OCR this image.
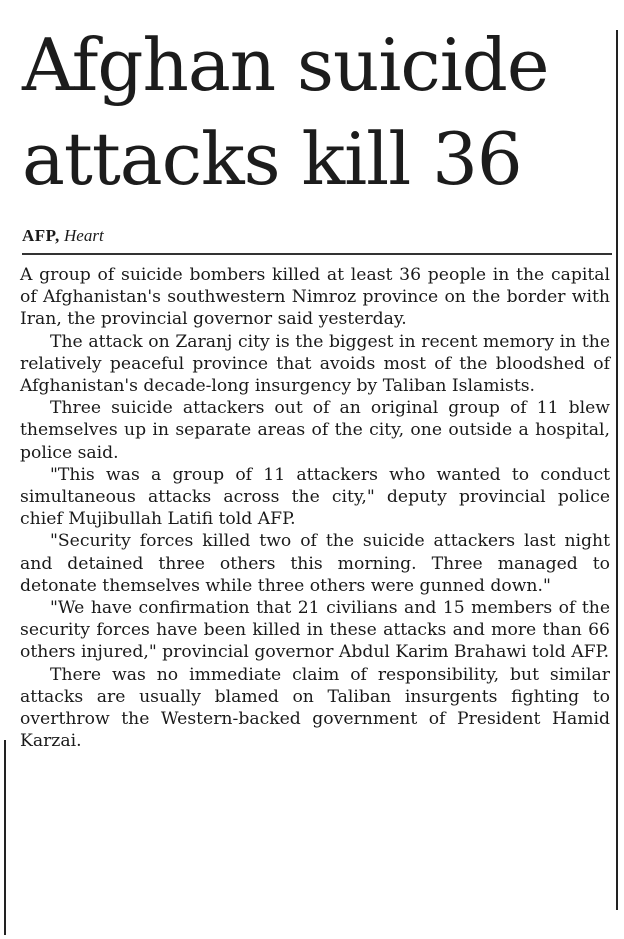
Afghan suicide attacks kill 36
AFP, Heart

A group of suicide bombers killed at least 36 people in the capital of Afghanistan's southwestern Nimroz province on the border with Iran, the provincial governor said yesterday.

The attack on Zaranj city is the biggest in recent memory in the relatively peaceful province that avoids most of the bloodshed of Afghanistan's decade-long insurgency by Taliban Islamists.

Three suicide attackers out of an original group of 11 blew themselves up in separate areas of the city, one outside a hospital, police said.

"This was a group of 11 attackers who wanted to conduct simultaneous attacks across the city," deputy provincial police chief Mujibullah Latifi told AFP.

"Security forces killed two of the suicide attackers last night and detained three others this morning. Three managed to detonate themselves while three others were gunned down."

"We have confirmation that 21 civilians and 15 members of the security forces have been killed in these attacks and more than 66 others injured," provincial governor Abdul Karim Brahawi told AFP.

There was no immediate claim of responsibility, but similar attacks are usually blamed on Taliban insurgents fighting to overthrow the Western-backed government of President Hamid Karzai.
